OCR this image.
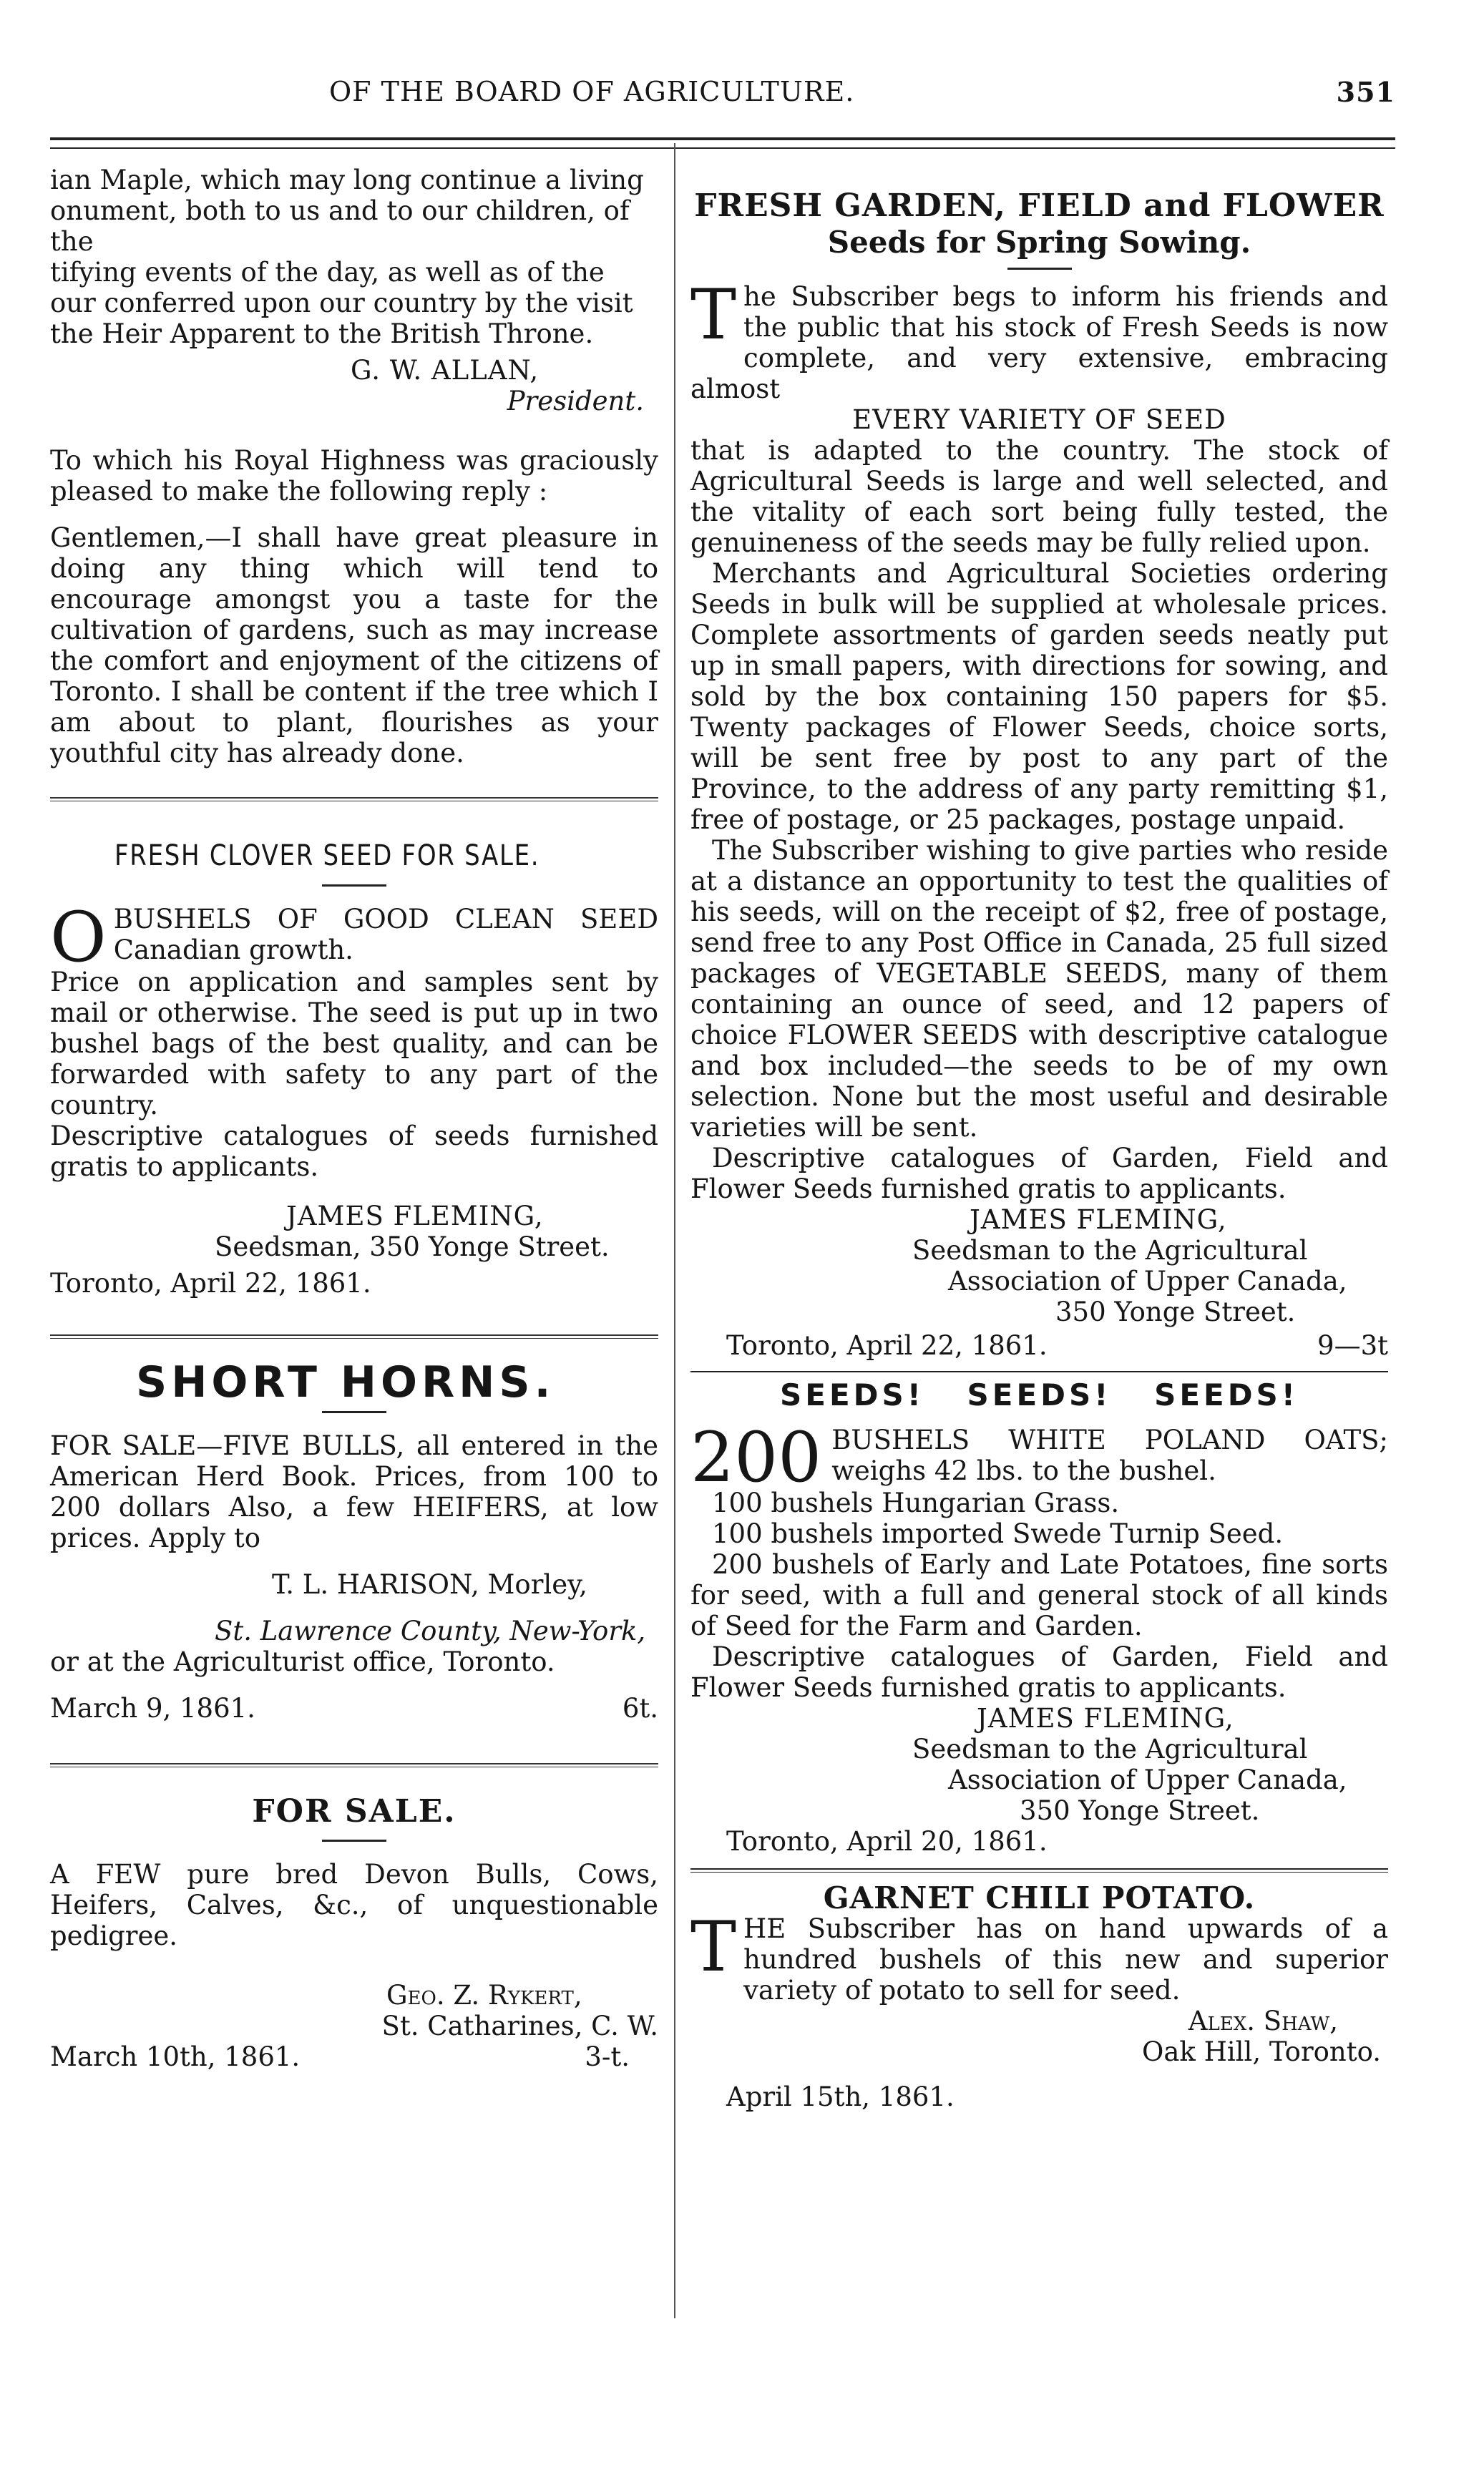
OF THE BOARD OF AGRICULTURE.	351

ian Maple, which may long continue a living

onument, both to us and to our children, of the

tifying events of the day, as well as of the

our conferred upon our country by the visit

the Heir Apparent to the British Throne.

G. W. ALLAN,

President.

To which his Royal Highness was graciously pleased to make the following reply :

Gentlemen,—I shall have great pleasure in doing any thing which will tend to encourage amongst you a taste for the cultivation of gardens, such as may increase the comfort and enjoyment of the citizens of Toronto. I shall be content if the tree which I am about to plant, flourishes as your youthful city has already done.

FRESH CLOVER SEED FOR SALE.

O BUSHELS OF GOOD CLEAN SEED Canadian growth.

Price on application and samples sent by mail or otherwise. The seed is put up in two bushel bags of the best quality, and can be forwarded with safety to any part of the country.

Descriptive catalogues of seeds furnished gratis to applicants.

JAMES FLEMING,

Seedsman, 350 Yonge Street.

Toronto, April 22, 1861.

SHORT HORNS.

FOR SALE—FIVE BULLS, all entered in the American Herd Book. Prices, from 100 to 200 dollars Also, a few HEIFERS, at low prices. Apply to

T. L. HARISON, Morley,

St. Lawrence County, New-York,

or at the Agriculturist office, Toronto.

March 9, 1861.	6t.

FOR SALE.

A FEW pure bred Devon Bulls, Cows, Heifers, Calves, &c., of unquestionable pedigree.

Geo. Z. Rykert,

March 10th, 1861.
St. Catharines, C. W.
3-t.

FRESH GARDEN, FIELD and FLOWER

Seeds for Spring Sowing.

T he Subscriber begs to inform his friends and the public that his stock of Fresh Seeds is now complete, and very extensive, embracing almost

EVERY VARIETY OF SEED

that is adapted to the country. The stock of Agricultural Seeds is large and well selected, and the vitality of each sort being fully tested, the genuineness of the seeds may be fully relied upon.

Merchants and Agricultural Societies ordering Seeds in bulk will be supplied at wholesale prices. Complete assortments of garden seeds neatly put up in small papers, with directions for sowing, and sold by the box containing 150 papers for $5. Twenty packages of Flower Seeds, choice sorts, will be sent free by post to any part of the Province, to the address of any party remitting $1, free of postage, or 25 packages, postage unpaid.

The Subscriber wishing to give parties who reside at a distance an opportunity to test the qualities of his seeds, will on the receipt of $2, free of postage, send free to any Post Office in Canada, 25 full sized packages of VEGETABLE SEEDS, many of them containing an ounce of seed, and 12 papers of choice FLOWER SEEDS with descriptive catalogue and box included—the seeds to be of my own selection. None but the most useful and desirable varieties will be sent.

Descriptive catalogues of Garden, Field and Flower Seeds furnished gratis to applicants.

JAMES FLEMING,

Seedsman to the Agricultural

Association of Upper Canada,

350 Yonge Street.

Toronto, April 22, 1861.	9—3t

SEEDS! SEEDS! SEEDS!

200 BUSHELS WHITE POLAND OATS; weighs 42 lbs. to the bushel.

100 bushels Hungarian Grass.

100 bushels imported Swede Turnip Seed.

200 bushels of Early and Late Potatoes, fine sorts for seed, with a full and general stock of all kinds of Seed for the Farm and Garden.

Descriptive catalogues of Garden, Field and Flower Seeds furnished gratis to applicants.

JAMES FLEMING,

Seedsman to the Agricultural

Association of Upper Canada,

350 Yonge Street.

Toronto, April 20, 1861.

GARNET CHILI POTATO.

T HE Subscriber has on hand upwards of a hundred bushels of this new and superior variety of potato to sell for seed.

Alex. Shaw,

Oak Hill, Toronto.

April 15th, 1861.
